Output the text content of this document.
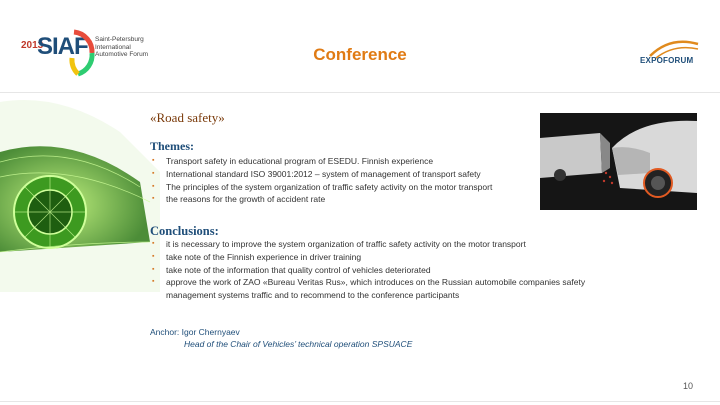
2013
SIAF Saint-Petersburg International Automotive Forum	Conference	EXPOFORUM
«Road safety»
Themes:
▪ Transport safety in educational program of ESEDU. Finnish experience
▪ International standard ISO 39001:2012 – system of management of transport safety
▪ The principles of the system organization of traffic safety activity on the motor transport
▪ the reasons for the growth of accident rate
Conclusions:
▪ it is necessary to improve the system organization of traffic safety activity on the motor transport
▪ take note of the Finnish experience in driver training
▪ take note of the information that quality control of vehicles deteriorated
▪ approve the work of ZAO «Bureau Veritas Rus», which introduces on the Russian automobile companies safety management systems traffic and to recommend to the conference participants
Anchor: Igor Chernyaev
Head of the Chair of Vehicles’ technical operation SPSUACE
10
